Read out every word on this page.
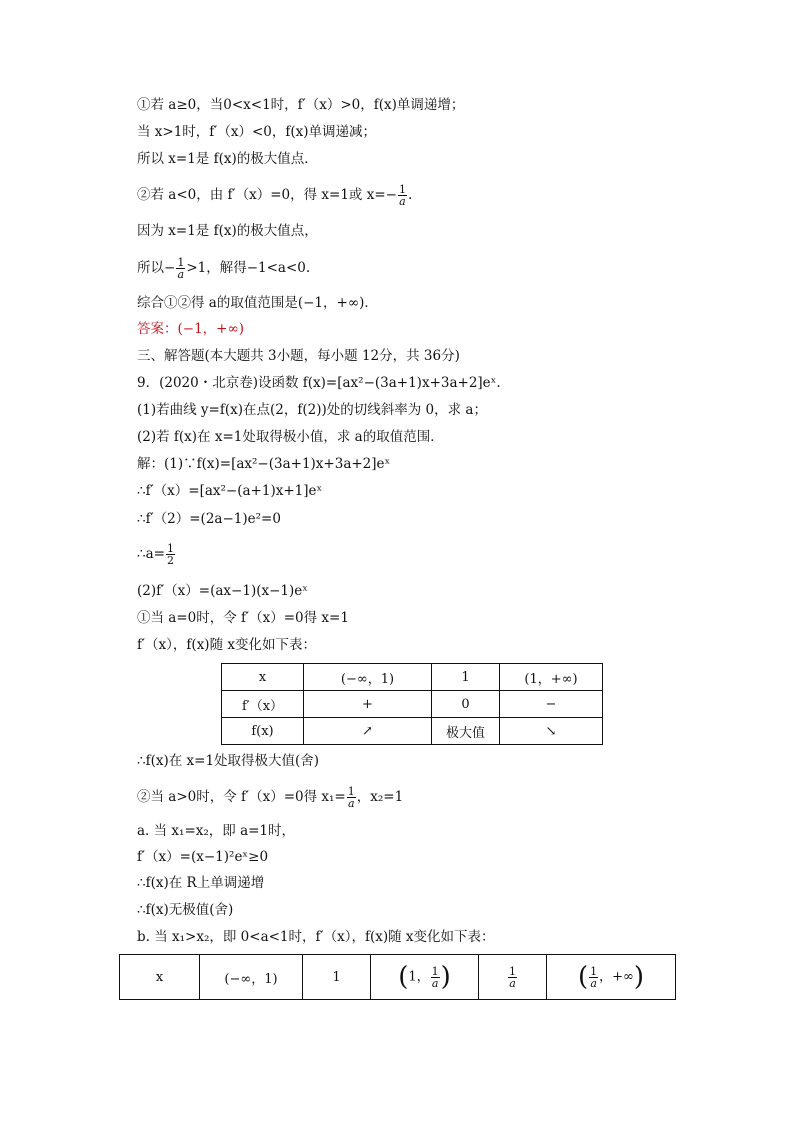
①若 a≥0，当0<x<1时，f′（x）>0，f(x)单调递增；
当 x>1时，f′（x）<0，f(x)单调递减；
所以 x=1是 f(x)的极大值点．
②若 a<0，由 f′（x）=0，得 x=1或 $x=- \frac{1}{a}$ .
因为 x=1是 f(x)的极大值点，
所以− $\frac{1}{a} >1$，解得−1<a<0.
综合①②得 a的取值范围是(−1，+∞)．
答案：(−1，+∞)
三、解答题(本大题共 3小题，每小题 12分，共 36分)
9．(2020・北京卷)设函数 f(x)=[ax²−(3a+1)x+3a+2]eˣ.
(1)若曲线 y=f(x)在点(2，f(2))处的切线斜率为 0，求 a；
(2)若 f(x)在 x=1处取得极小值，求 a的取值范围．
解：(1)∵f(x)=[ax²−(3a+1)x+3a+2]eˣ
∴f′（x）=[ax²−(a+1)x+1]eˣ
∴f′（2）=(2a−1)e²=0
∴a= $\frac{1}{2}$
(2)f′（x）=(ax−1)(x−1)eˣ
①当 a=0时，令 f′（x）=0得 x=1
f′（x），f(x)随 x变化如下表：
x	(−∞，1)	1	(1，+∞)
f′（x）	+	0	−
f(x)	↗	极大值	↘
∴f(x)在 x=1处取得极大值(舍)
②当 a>0时，令 f′（x）=0得 $x_1= \frac{1}{a}$ ，x₂=1
a. 当 x₁=x₂，即 a=1时，
f′（x）=(x−1)²eˣ≥0
∴f(x)在 R上单调递增
∴f(x)无极值(舍)
b. 当 x₁>x₂，即 0<a<1时，f′（x），f(x)随 x变化如下表：
x	(−∞，1)	1	(1， $\frac{1}{a}$ )	$\frac{1}{a}$	( $\frac{1}{a}$ ，+∞)
